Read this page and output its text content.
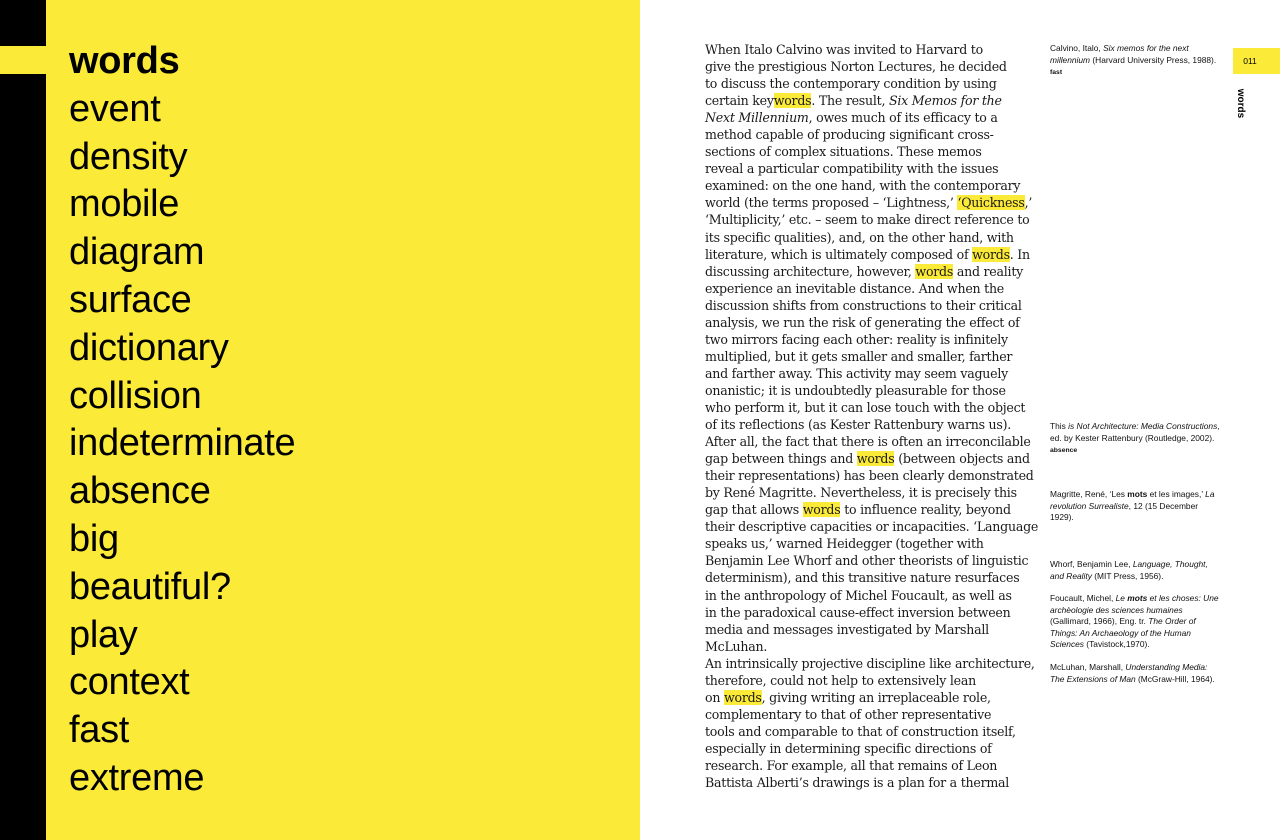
words
event
density
mobile
diagram
surface
dictionary
collision
indeterminate
absence
big
beautiful?
play
context
fast
extreme
When Italo Calvino was invited to Harvard to
give the prestigious Norton Lectures, he decided
to discuss the contemporary condition by using
certain keywords. The result, Six Memos for the
Next Millennium, owes much of its efficacy to a
method capable of producing significant cross-
sections of complex situations. These memos
reveal a particular compatibility with the issues
examined: on the one hand, with the contemporary
world (the terms proposed – ‘Lightness,’ ‘Quickness,’
‘Multiplicity,’ etc. – seem to make direct reference to
its specific qualities), and, on the other hand, with
literature, which is ultimately composed of words. In
discussing architecture, however, words and reality
experience an inevitable distance. And when the
discussion shifts from constructions to their critical
analysis, we run the risk of generating the effect of
two mirrors facing each other: reality is infinitely
multiplied, but it gets smaller and smaller, farther
and farther away. This activity may seem vaguely
onanistic; it is undoubtedly pleasurable for those
who perform it, but it can lose touch with the object
of its reflections (as Kester Rattenbury warns us).
After all, the fact that there is often an irreconcilable
gap between things and words (between objects and
their representations) has been clearly demonstrated
by René Magritte. Nevertheless, it is precisely this
gap that allows words to influence reality, beyond
their descriptive capacities or incapacities. ‘Language
speaks us,’ warned Heidegger (together with
Benjamin Lee Whorf and other theorists of linguistic
determinism), and this transitive nature resurfaces
in the anthropology of Michel Foucault, as well as
in the paradoxical cause-effect inversion between
media and messages investigated by Marshall
McLuhan.
An intrinsically projective discipline like architecture,
therefore, could not help to extensively lean
on words, giving writing an irreplaceable role,
complementary to that of other representative
tools and comparable to that of construction itself,
especially in determining specific directions of
research. For example, all that remains of Leon
Battista Alberti’s drawings is a plan for a thermal
Calvino, Italo, Six memos for the next millennium (Harvard University Press, 1988).
fast
This is Not Architecture: Media Constructions, ed. by Kester Rattenbury (Routledge, 2002).
absence
Magritte, René, ‘Les mots et les images,’ La revolution Surrealiste, 12 (15 December 1929).
Whorf, Benjamin Lee, Language, Thought, and Reality (MIT Press, 1956).
Foucault, Michel, Le mots et les choses: Une archèologie des sciences humaines (Gallimard, 1966), Eng. tr. The Order of Things: An Archaeology of the Human Sciences (Tavistock,1970).
McLuhan, Marshall, Understanding Media: The Extensions of Man (McGraw-Hill, 1964).
011
words
